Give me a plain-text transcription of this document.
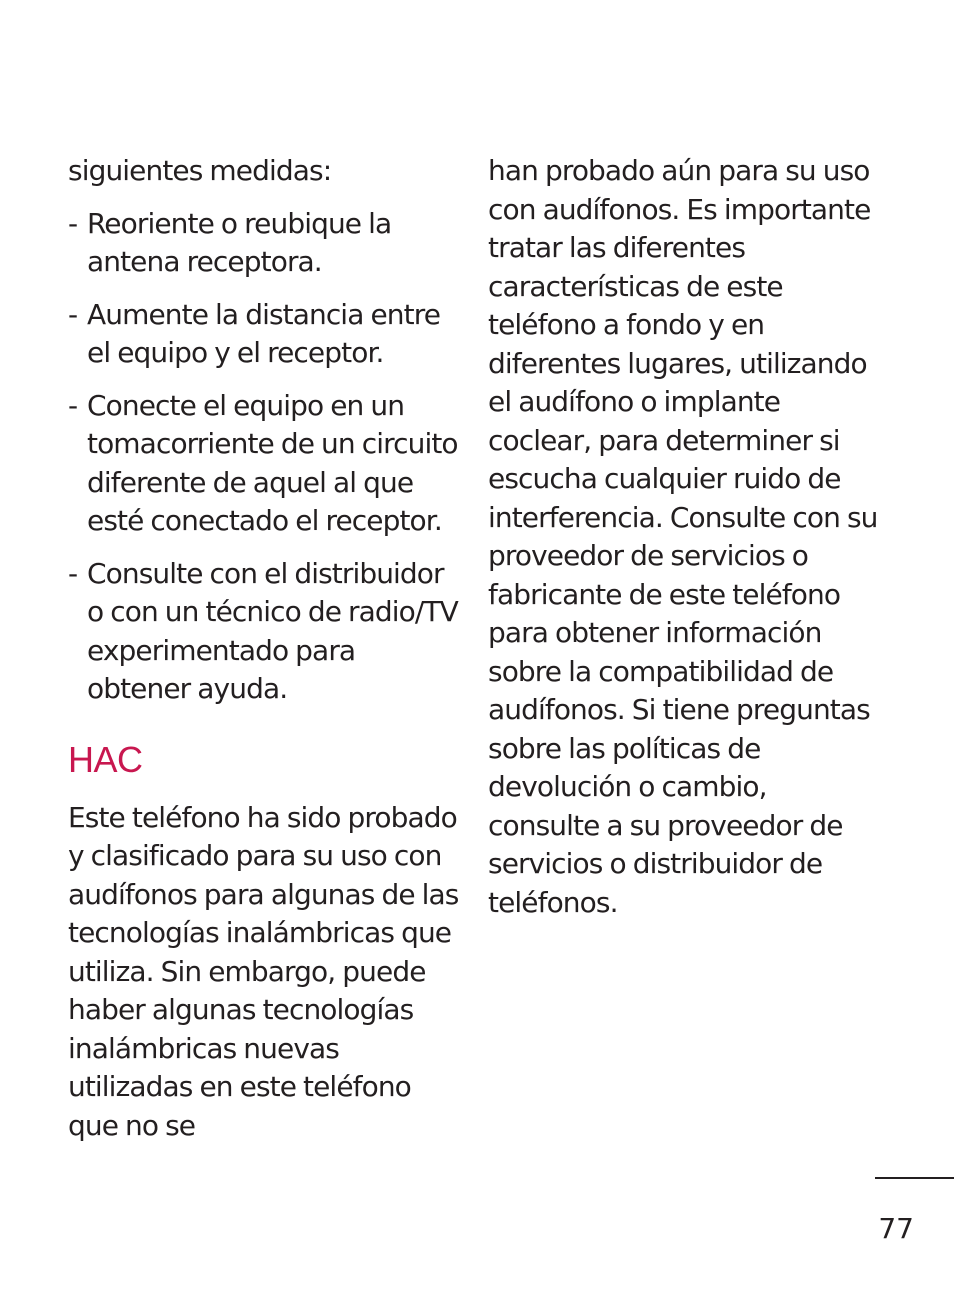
siguientes medidas:

- Reoriente o reubique la antena receptora.
- Aumente la distancia entre el equipo y el receptor.
- Conecte el equipo en un tomacorriente de un circuito diferente de aquel al que esté conectado el receptor.
- Consulte con el distribuidor o con un técnico de radio/TV experimentado para obtener ayuda.
HAC

Este teléfono ha sido probado y clasificado para su uso con audífonos para algunas de las tecnologías inalámbricas que utiliza. Sin embargo, puede haber algunas tecnologías inalámbricas nuevas utilizadas en este teléfono que no se

han probado aún para su uso con audífonos. Es importante tratar las diferentes características de este teléfono a fondo y en diferentes lugares, utilizando el audífono o implante coclear, para determiner si escucha cualquier ruido de interferencia. Consulte con su proveedor de servicios o fabricante de este teléfono para obtener información sobre la compatibilidad de audífonos. Si tiene preguntas sobre las políticas de devolución o cambio, consulte a su proveedor de servicios o distribuidor de teléfonos.

77
